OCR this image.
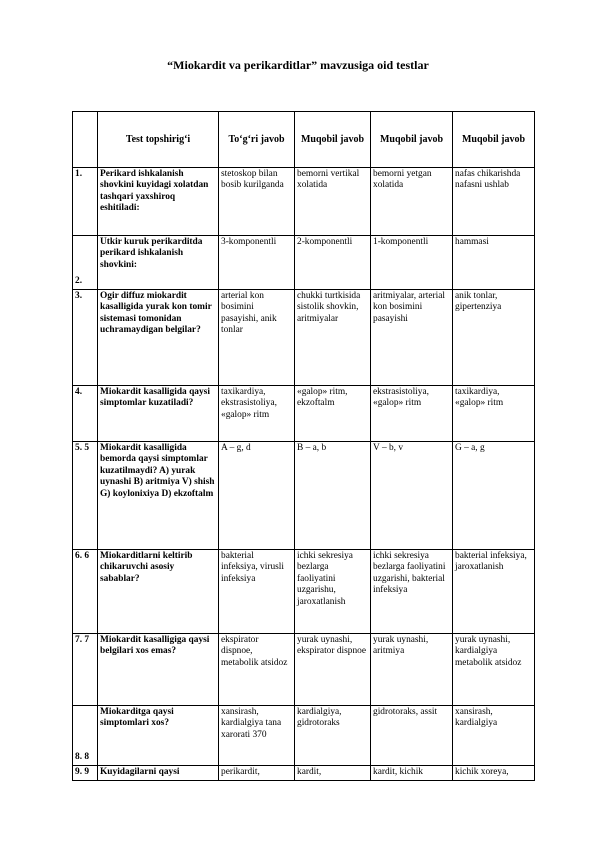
“Miokardit va perikarditlar” mavzusiga oid testlar
	Test topshirig‘i	To‘g‘ri javob	Muqobil javob	Muqobil javob	Muqobil javob
1.	Perikard ishkalanish shovkini kuyidagi xolatdan tashqari yaxshiroq eshitiladi:	stetoskop bilan bosib kurilganda	bemorni vertikal xolatida	bemorni yetgan xolatida	nafas chikarishda nafasni ushlab
2.	Utkir kuruk perikarditda perikard ishkalanish shovkini:	3-komponentli	2-komponentli	1-komponentli	hammasi
3.	Ogir diffuz miokardit kasalligida yurak kon tomir sistemasi tomonidan uchramaydigan belgilar?	arterial kon bosimini pasayishi, anik tonlar	chukki turtkisida sistolik shovkin, aritmiyalar	aritmiyalar, arterial kon bosimini pasayishi	anik tonlar, gipertenziya
4.	Miokardit kasalligida qaysi simptomlar kuzatiladi?	taxikardiya, ekstrasistoliya, «galop» ritm	«galop» ritm, ekzoftalm	ekstrasistoliya, «galop» ritm	taxikardiya, «galop» ritm
5. 5	Miokardit kasalligida bemorda qaysi simptomlar kuzatilmaydi? A) yurak uynashi B) aritmiya V) shish G) koylonixiya D) ekzoftalm	A – g, d	B – a, b	V – b, v	G – a, g
6. 6	Miokarditlarni keltirib chikaruvchi asosiy sabablar?	bakterial infeksiya, virusli infeksiya	ichki sekresiya bezlarga faoliyatini uzgarishu, jaroxatlanish	ichki sekresiya bezlarga faoliyatini uzgarishi, bakterial infeksiya	bakterial infeksiya, jaroxatlanish
7. 7	Miokardit kasalligiga qaysi belgilari xos emas?	ekspirator dispnoe, metabolik atsidoz	yurak uynashi, ekspirator dispnoe	yurak uynashi, aritmiya	yurak uynashi, kardialgiya metabolik atsidoz
8. 8	Miokarditga qaysi simptomlari xos?	xansirash, kardialgiya tana xarorati 370	kardialgiya, gidrotoraks	gidrotoraks, assit	xansirash, kardialgiya
9. 9	Kuyidagilarni qaysi	perikardit,	kardit,	kardit, kichik	kichik xoreya,
